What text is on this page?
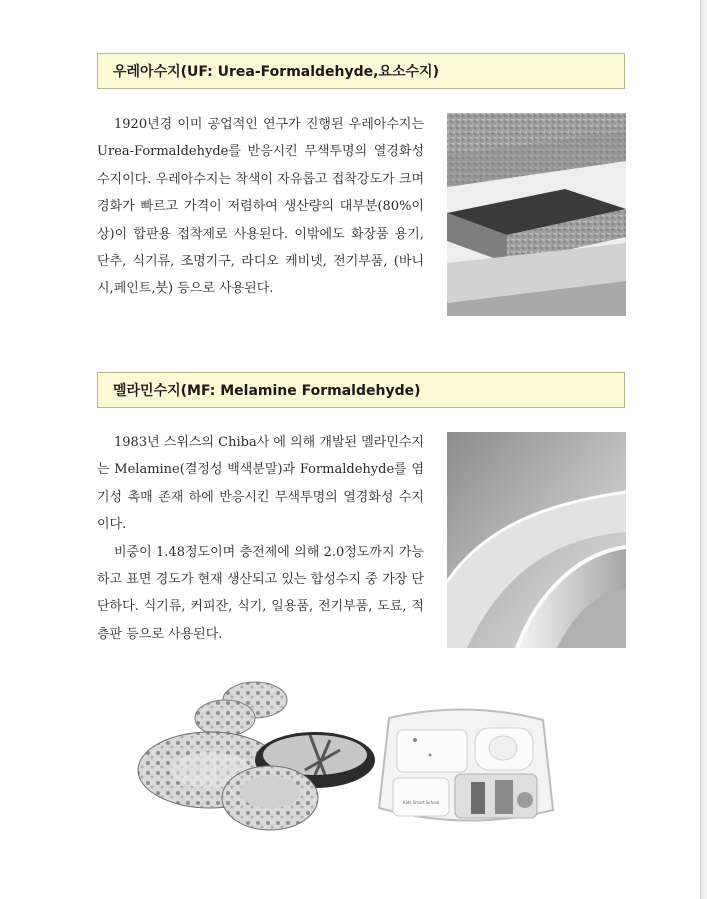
우레아수지(UF: Urea-Formaldehyde,요소수지)

1920년경 이미 공업적인 연구가 진행된 우레아수지는 Urea-Formaldehyde를 반응시킨 무색투명의 열경화성 수지이다. 우레아수지는 착색이 자유롭고 접착강도가 크며 경화가 빠르고 가격이 저렴하여 생산량의 대부분(80%이상)이 합판용 접착제로 사용된다. 이밖에도 화장품 용기, 단추, 식기류, 조명기구, 라디오 케비넷, 전기부품, (바니시,페인트,붓) 등으로 사용된다.

멜라민수지(MF: Melamine Formaldehyde)

1983년 스위스의 Chiba사 에 의해 개발된 멜라민수지는 Melamine(결정성 백색분말)과 Formaldehyde를 염기성 촉매 존재 하에 반응시킨 무색투명의 열경화성 수지이다.

비중이 1.48정도이며 충전제에 의해 2.0정도까지 가능하고 표면 경도가 현재 생산되고 있는 합성수지 중 가장 단단하다. 식기류, 커피잔, 식기, 일용품, 전기부품, 도료, 적층판 등으로 사용된다.

Kids Smart School
